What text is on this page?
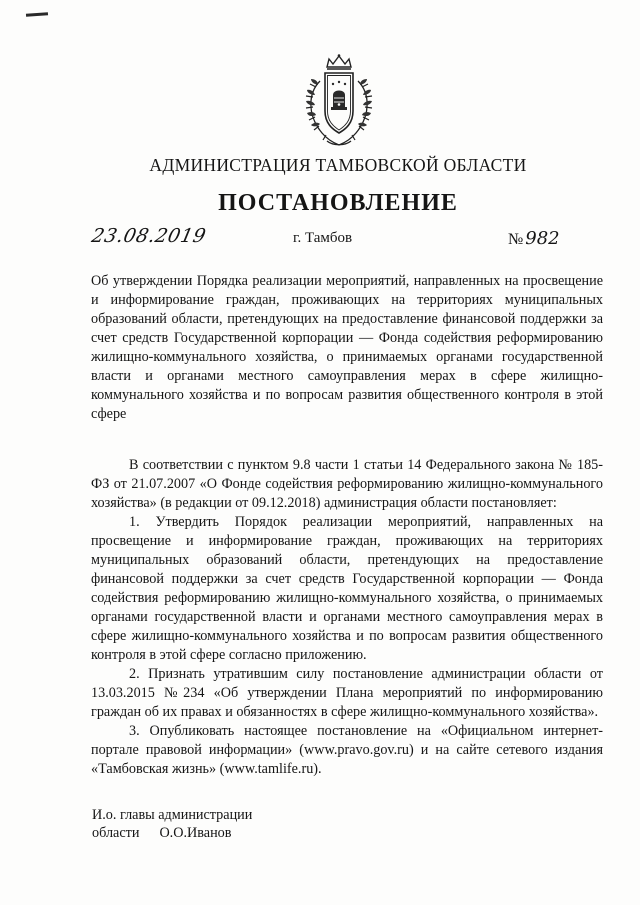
АДМИНИСТРАЦИЯ ТАМБОВСКОЙ ОБЛАСТИ
ПОСТАНОВЛЕНИЕ
23.08.2019	г. Тамбов	№ 982
Об утверждении Порядка реализации мероприятий, направленных на просвещение и информирование граждан, проживающих на территориях муниципальных образований области, претендующих на предоставление финансовой поддержки за счет средств Государственной корпорации — Фонда содействия реформированию жилищно-коммунального хозяйства, о принимаемых органами государственной власти и органами местного самоуправления мерах в сфере жилищно-коммунального хозяйства и по вопросам развития общественного контроля в этой сфере

В соответствии с пунктом 9.8 части 1 статьи 14 Федерального закона № 185-ФЗ от 21.07.2007 «О Фонде содействия реформированию жилищно-коммунального хозяйства» (в редакции от 09.12.2018) администрация области постановляет:

1. Утвердить Порядок реализации мероприятий, направленных на просвещение и информирование граждан, проживающих на территориях муниципальных образований области, претендующих на предоставление финансовой поддержки за счет средств Государственной корпорации — Фонда содействия реформированию жилищно-коммунального хозяйства, о принимаемых органами государственной власти и органами местного самоуправления мерах в сфере жилищно-коммунального хозяйства и по вопросам развития общественного контроля в этой сфере согласно приложению.

2. Признать утратившим силу постановление администрации области от 13.03.2015 №234 «Об утверждении Плана мероприятий по информированию граждан об их правах и обязанностях в сфере жилищно-коммунального хозяйства».

3. Опубликовать настоящее постановление на «Официальном интернет-портале правовой информации» (www.pravo.gov.ru) и на сайте сетевого издания «Тамбовская жизнь» (www.tamlife.ru).

И.о. главы администрации
области О.О.Иванов
